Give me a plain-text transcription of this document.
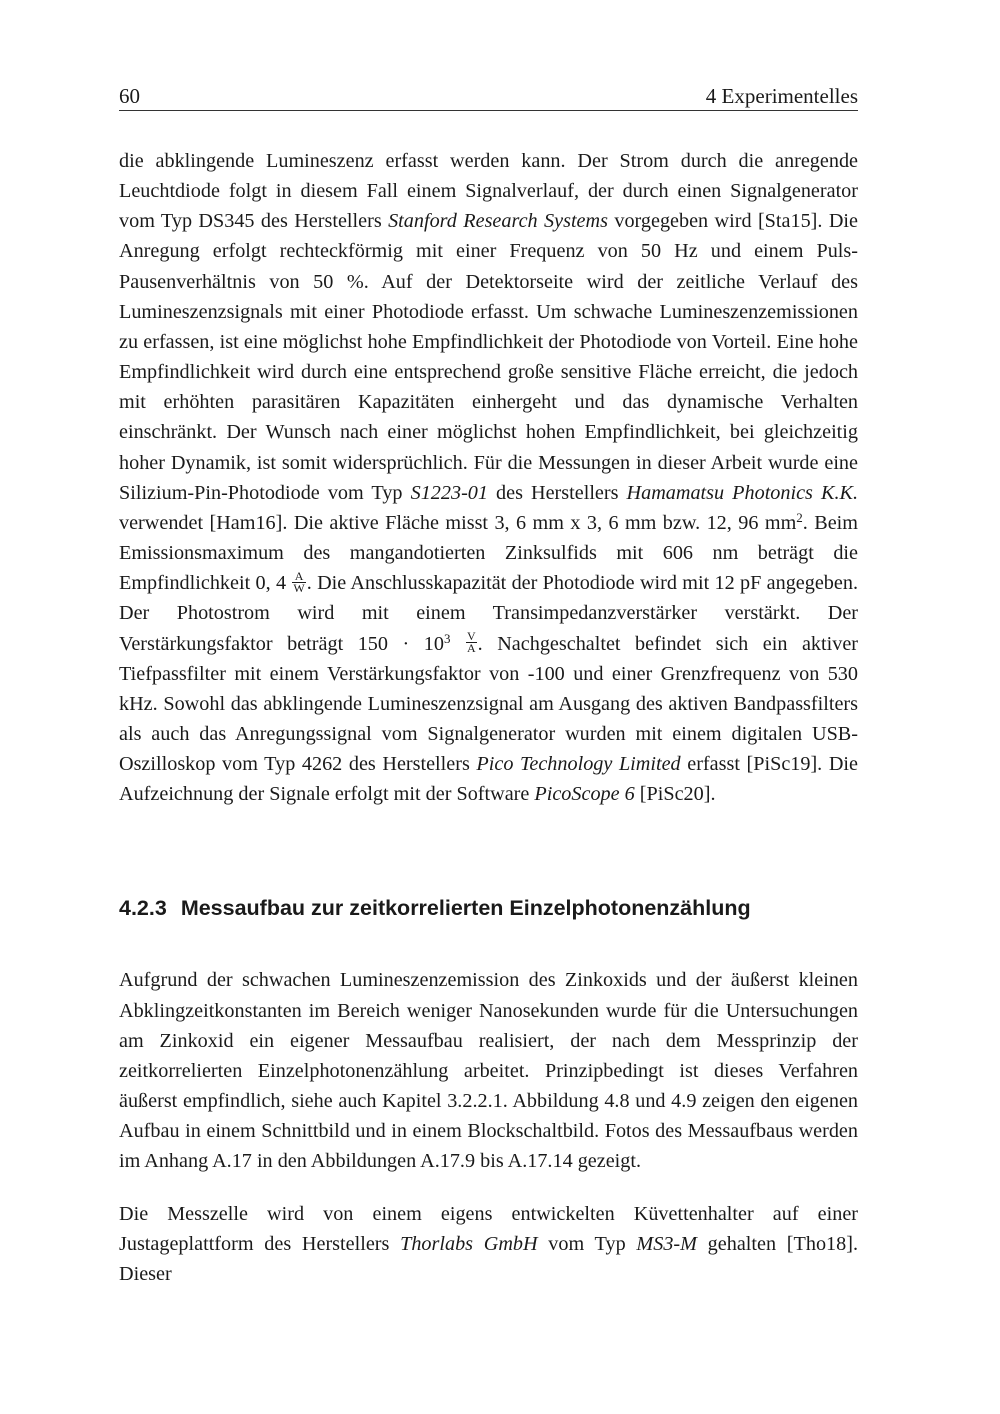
60	4 Experimentelles

die abklingende Lumineszenz erfasst werden kann. Der Strom durch die anregende Leuchtdiode folgt in diesem Fall einem Signalverlauf, der durch einen Signalgenerator vom Typ DS345 des Herstellers Stanford Research Systems vorgegeben wird [Sta15]. Die Anregung erfolgt rechteckförmig mit einer Frequenz von 50 Hz und einem Puls-Pausenverhältnis von 50 %. Auf der Detektorseite wird der zeitliche Verlauf des Lumineszenzsignals mit einer Photodiode erfasst. Um schwache Lumineszenzemissionen zu erfassen, ist eine möglichst hohe Empfindlichkeit der Photodiode von Vorteil. Eine hohe Empfindlichkeit wird durch eine entsprechend große sensitive Fläche erreicht, die jedoch mit erhöhten parasitären Kapazitäten einhergeht und das dynamische Verhalten einschränkt. Der Wunsch nach einer möglichst hohen Empfindlichkeit, bei gleichzeitig hoher Dynamik, ist somit widersprüchlich. Für die Messungen in dieser Arbeit wurde eine Silizium-Pin-Photodiode vom Typ S1223-01 des Herstellers Hamamatsu Photonics K.K. verwendet [Ham16]. Die aktive Fläche misst 3, 6 mm x 3, 6 mm bzw. 12, 96 $mm^2$. Beim Emissionsmaximum des mangandotierten Zinksulfids mit 606 nm beträgt die Empfindlichkeit 0, $4 \frac{A}{W}$ . Die Anschlusskapazität der Photodiode wird mit 12 pF angegeben. Der Photostrom wird mit einem Transimpedanzverstärker verstärkt. Der Verstärkungsfaktor beträgt $150 \cdot 10^3 \frac{V}{A}$ . Nachgeschaltet befindet sich ein aktiver Tiefpassfilter mit einem Verstärkungsfaktor von -100 und einer Grenzfrequenz von 530 kHz. Sowohl das abklingende Lumineszenzsignal am Ausgang des aktiven Bandpassfilters als auch das Anregungssignal vom Signalgenerator wurden mit einem digitalen USB-Oszilloskop vom Typ 4262 des Herstellers Pico Technology Limited erfasst [PiSc19]. Die Aufzeichnung der Signale erfolgt mit der Software PicoScope 6 [PiSc20].

4.2.3 Messaufbau zur zeitkorrelierten Einzelphotonenzählung

Aufgrund der schwachen Lumineszenzemission des Zinkoxids und der äußerst kleinen Abklingzeitkonstanten im Bereich weniger Nanosekunden wurde für die Untersuchungen am Zinkoxid ein eigener Messaufbau realisiert, der nach dem Messprinzip der zeitkorrelierten Einzelphotonenzählung arbeitet. Prinzipbedingt ist dieses Verfahren äußerst empfindlich, siehe auch Kapitel 3.2.2.1. Abbildung 4.8 und 4.9 zeigen den eigenen Aufbau in einem Schnittbild und in einem Blockschaltbild. Fotos des Messaufbaus werden im Anhang A.17 in den Abbildungen A.17.9 bis A.17.14 gezeigt.

Die Messzelle wird von einem eigens entwickelten Küvettenhalter auf einer Justageplattform des Herstellers Thorlabs GmbH vom Typ MS3-M gehalten [Tho18]. Dieser
